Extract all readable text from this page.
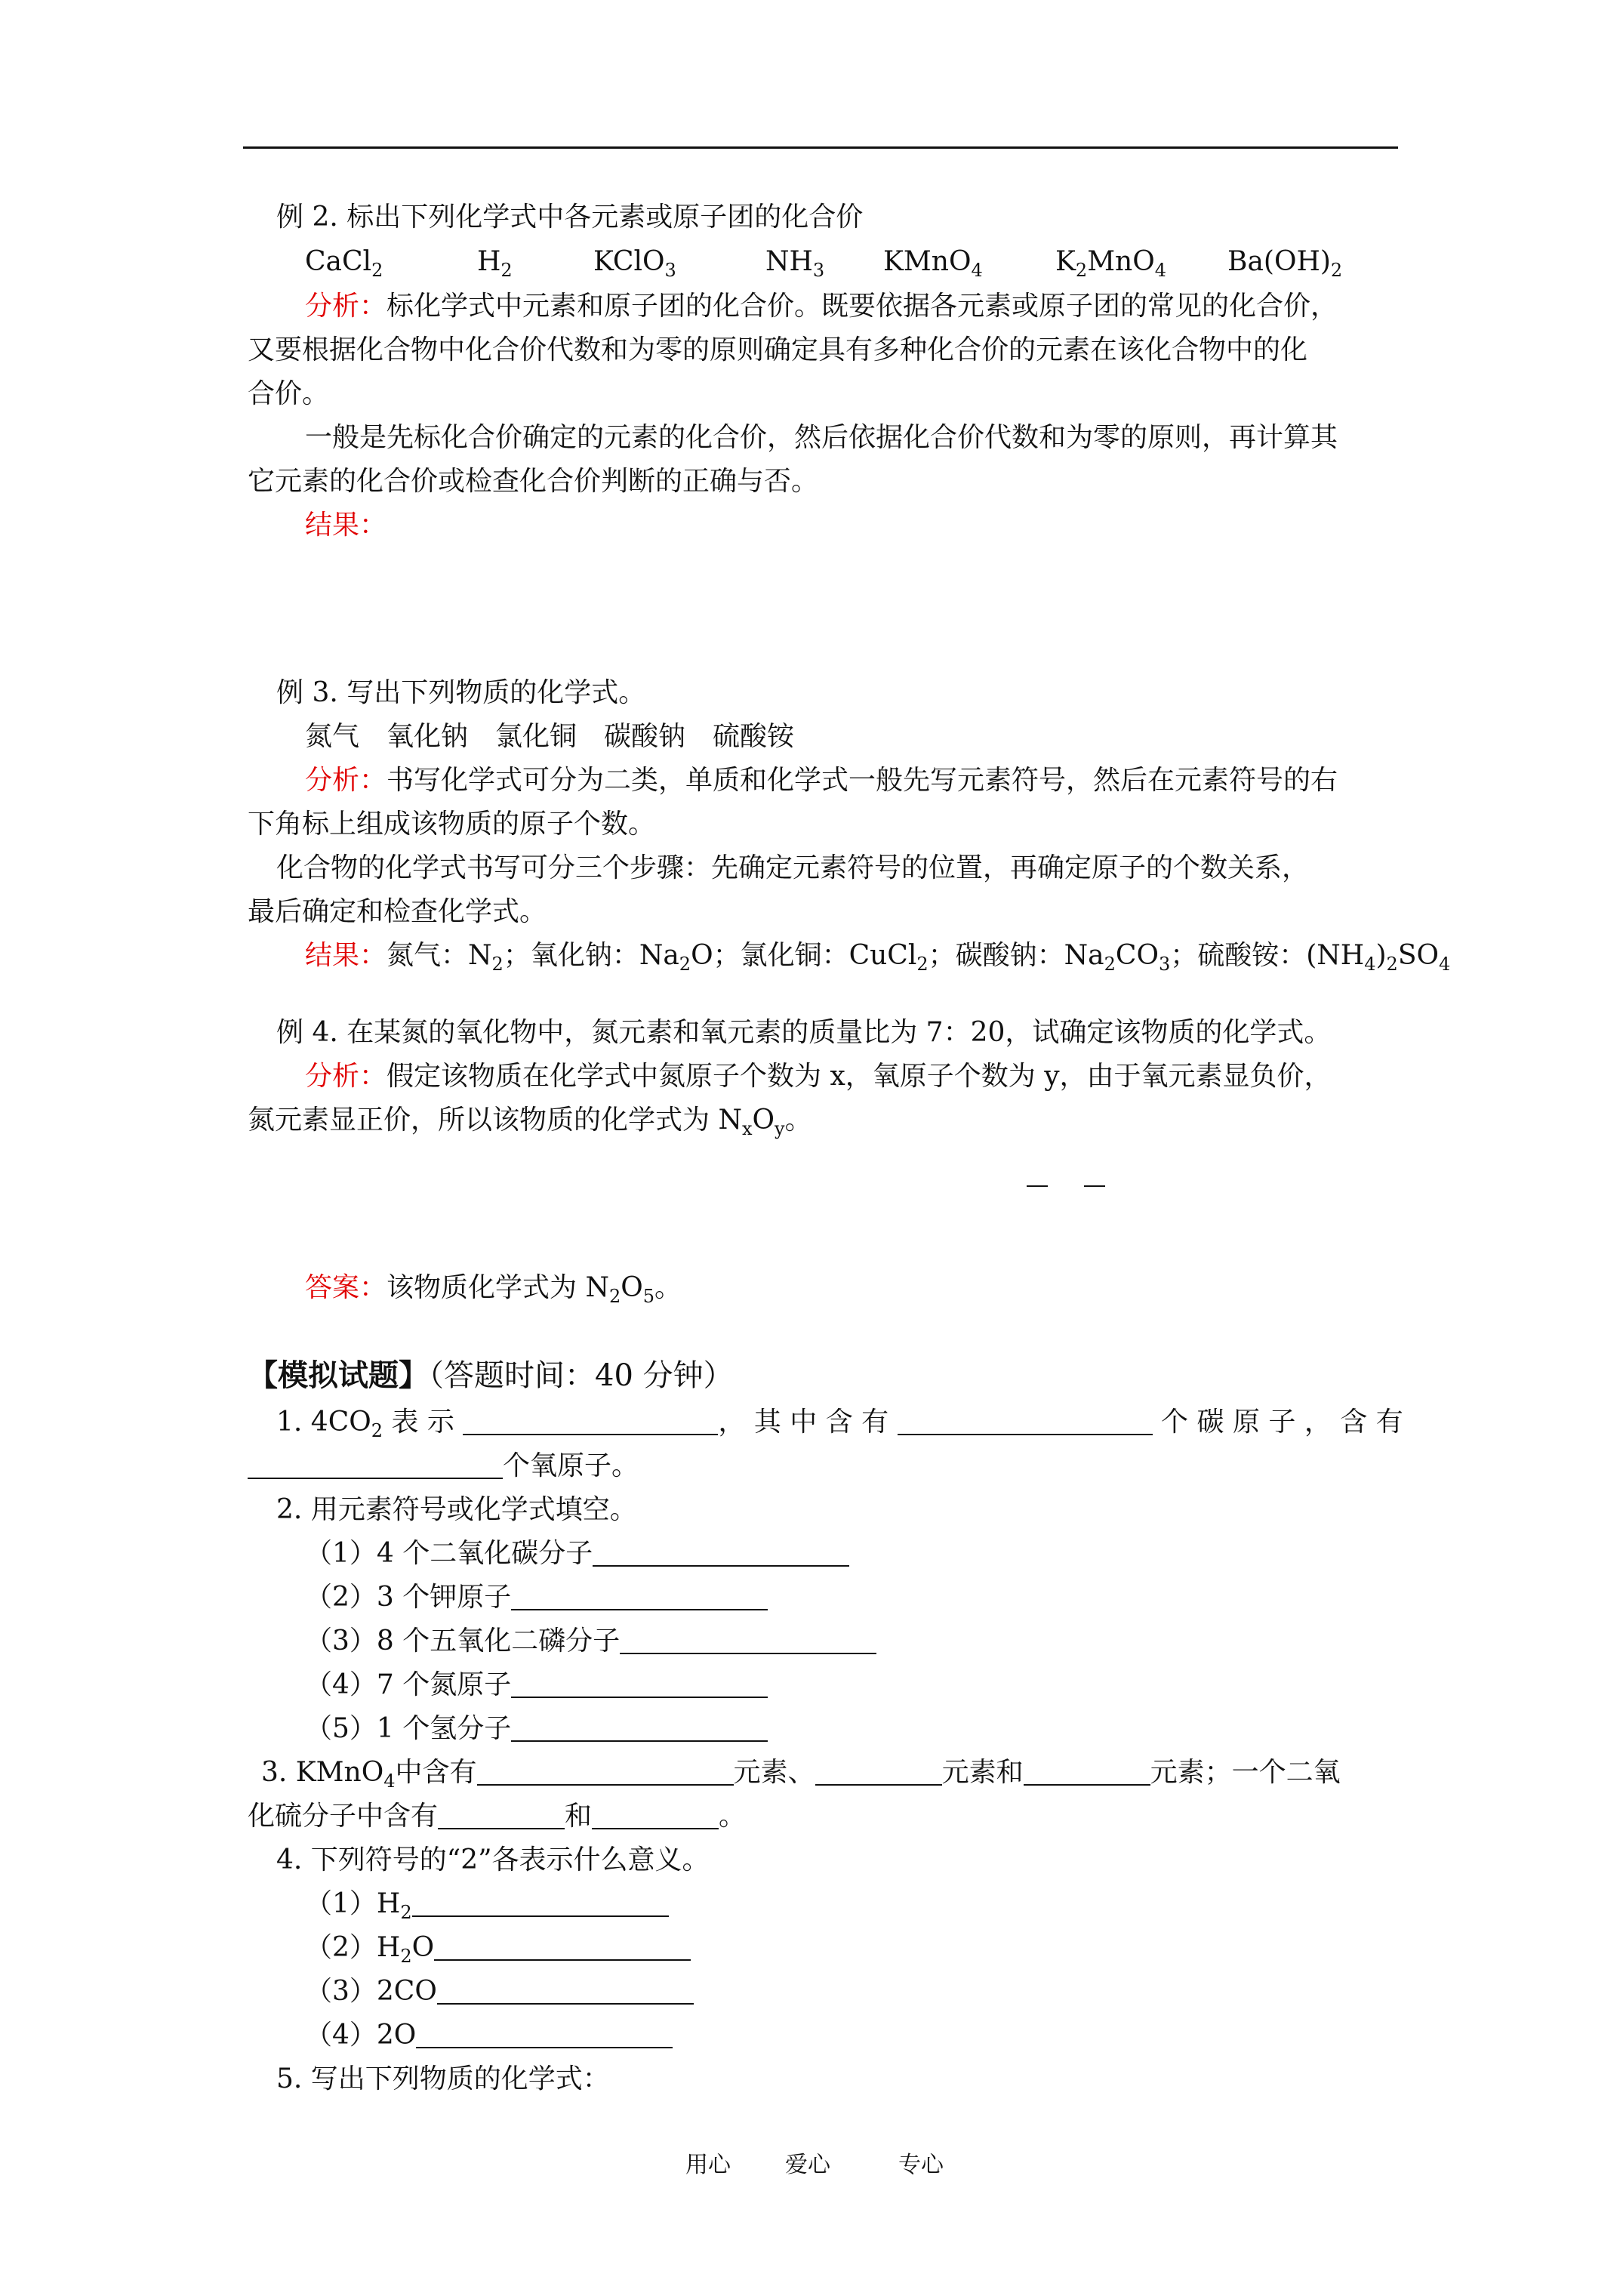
例 2. 标出下列化学式中各元素或原子团的化合价
CaCl$_2$	$H_2$	KClO$_3$	$NH_3$ KMnO$_4$	$K_2MnO_4$ $Ba(OH)_2$
分析：标化学式中元素和原子团的化合价。既要依据各元素或原子团的常见的化合价，
又要根据化合物中化合价代数和为零的原则确定具有多种化合价的元素在该化合物中的化
合价。
一般是先标化合价确定的元素的化合价，然后依据化合价代数和为零的原则，再计算其
它元素的化合价或检查化合价判断的正确与否。
结果：
例 3. 写出下列物质的化学式。
氮气　氧化钠　氯化铜　碳酸钠　硫酸铵
分析：书写化学式可分为二类，单质和化学式一般先写元素符号，然后在元素符号的右
下角标上组成该物质的原子个数。
化合物的化学式书写可分三个步骤：先确定元素符号的位置，再确定原子的个数关系，
最后确定和检查化学式。
结果：氮气：$N_2$；氧化钠：$Na_2O$；氯化铜：CuCl$_2$；碳酸钠：$Na_2CO_3$；硫酸铵：$(NH_4)_2SO_4$
例 4. 在某氮的氧化物中，氮元素和氧元素的质量比为 7：20，试确定该物质的化学式。
分析：假定该物质在化学式中氮原子个数为 x，氧原子个数为 y，由于氧元素显负价，
氮元素显正价，所以该物质的化学式为 $N_xO_y$。
答案：该物质化学式为 $N_2O_5$。
【模拟试题】（答题时间：40 分钟）
1. $4CO_2$ 表 示	， 其 中 含 有	个 碳 原 子 ， 含 有
个氧原子。
2. 用元素符号或化学式填空。
（1）4 个二氧化碳分子
（2）3 个钾原子
（3）8 个五氧化二磷分子
（4）7 个氮原子
（5）1 个氢分子
3. KMnO$_4$中含有	元素、	元素和	元素；一个二氧
化硫分子中含有	和	。
4. 下列符号的“2”各表示什么意义。
$(1)H_2$
$(2)H_2O$
（3）2CO
（4）2O
5. 写出下列物质的化学式：
用心 爱心	专心
